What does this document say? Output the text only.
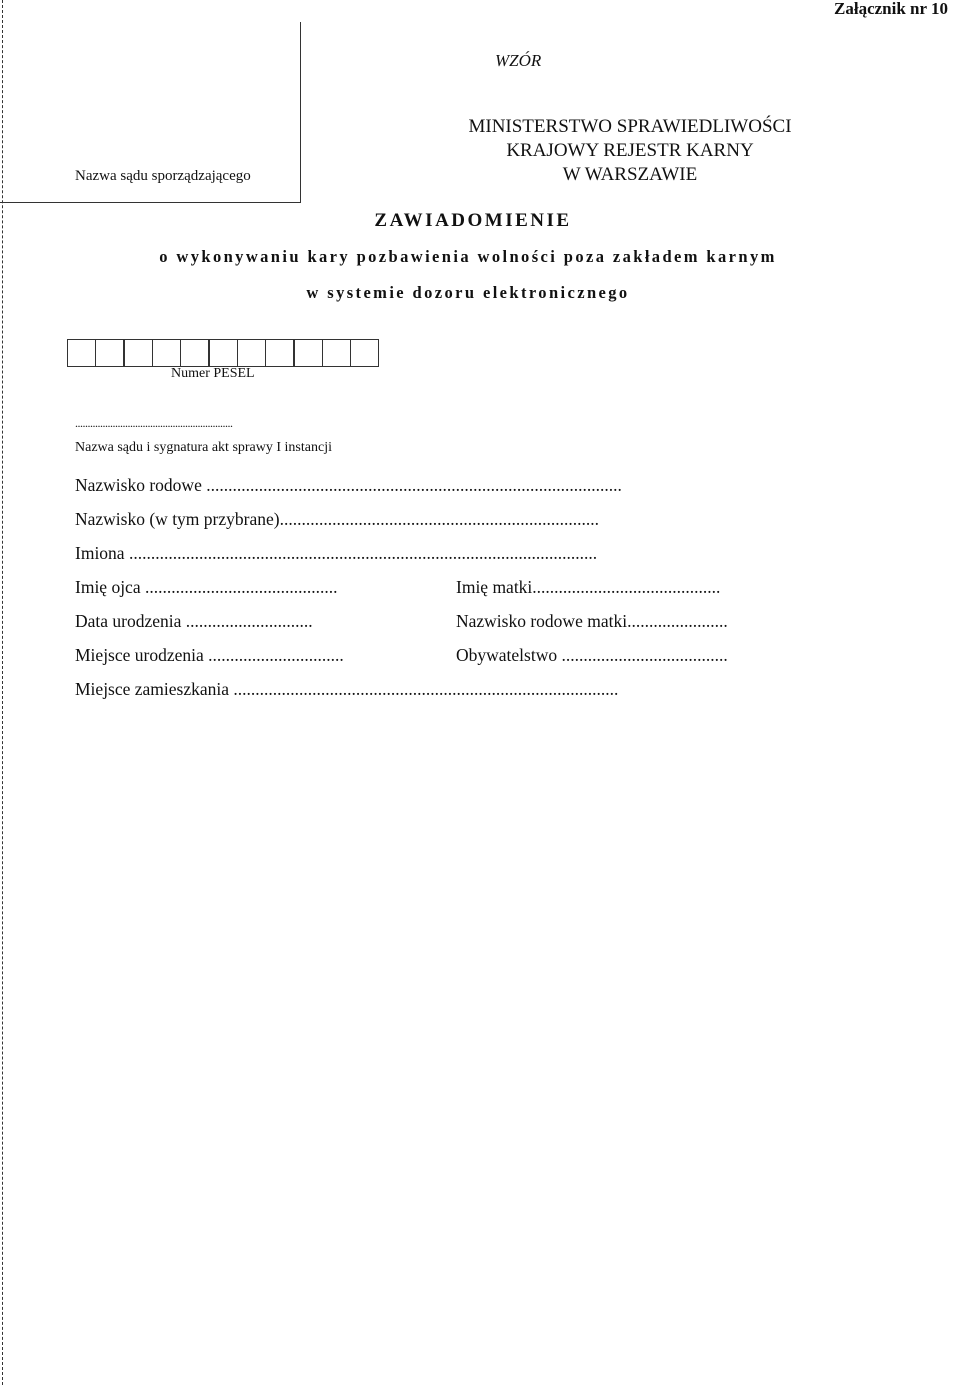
Załącznik nr 10
Nazwa sądu sporządzającego
WZÓR
MINISTERSTWO SPRAWIEDLIWOŚCI
KRAJOWY REJESTR KARNY
W WARSZAWIE
ZAWIADOMIENIE
o wykonywaniu kary pozbawienia wolności poza zakładem karnym
w systemie dozoru elektronicznego
Numer PESEL
...............................................................
Nazwa sądu i sygnatura akt sprawy I instancji
Nazwisko rodowe ...............................................................................................
Nazwisko (w tym przybrane).........................................................................
Imiona ...........................................................................................................
Imię ojca ............................................	Imię matki...........................................
Data urodzenia .............................	Nazwisko rodowe matki.......................
Miejsce urodzenia ...............................	Obywatelstwo ......................................
Miejsce zamieszkania ........................................................................................
